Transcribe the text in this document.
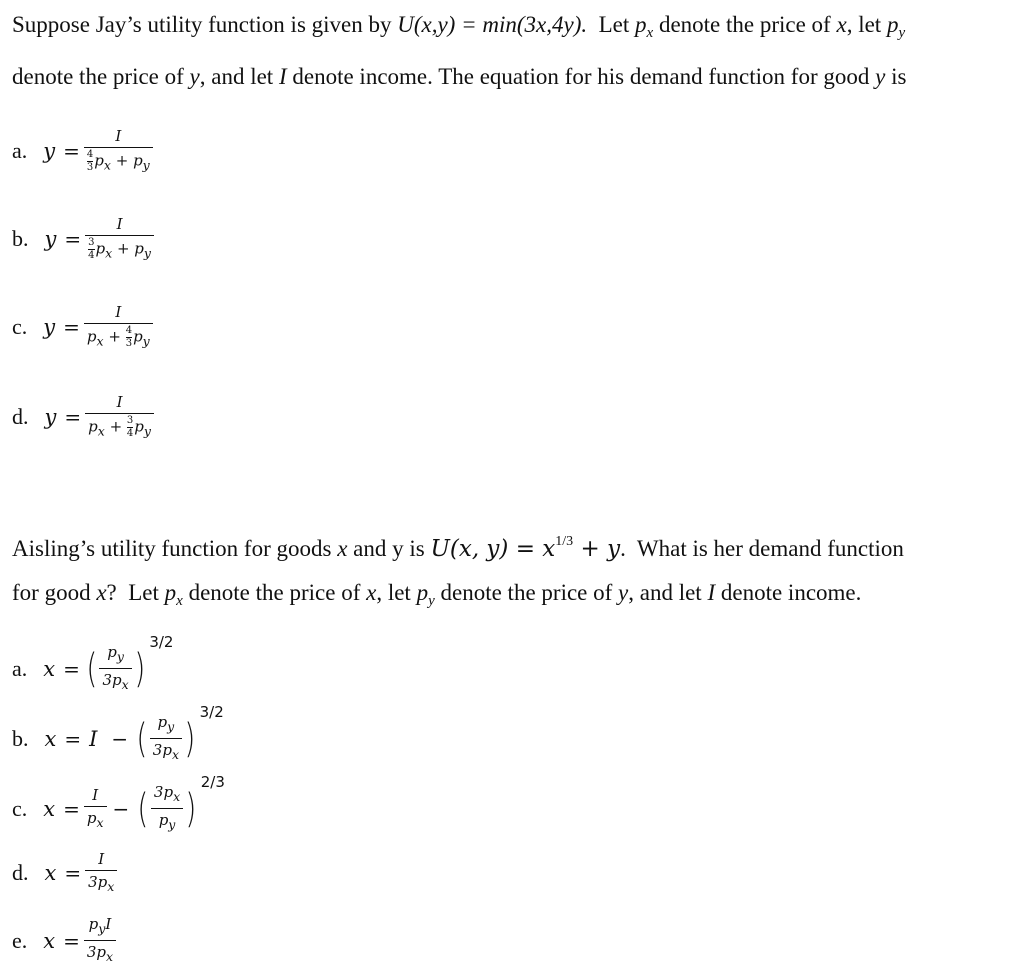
Suppose Jay’s utility function is given by U(x,y) = min(3x,4y).  Let $p_x$ denote the price of x, let $p_y$

denote the price of y, and let I denote income. The equation for his demand function for good y is

a. $y = \frac{I}{\frac{4}{3} p_x + p_y}$
b. $y = \frac{I}{\frac{3}{4} p_x + p_y}$
c. $y = \frac{I}{p_x + \frac{4}{3} p_y}$
d. $y = \frac{I}{p_x + \frac{3}{4} p_y}$

Aisling’s utility function for goods x and y is U(x, $y) = x^{1/3} + y$.  What is her demand function

for good x?  Let $p_x$ denote the price of x, let $p_y$ denote the price of y, and let I denote income.

a. x = ( $\frac{p_y}{3p_x}$ )
3/2
b. x = I − ( $\frac{p_y}{3p_x}$ )
3/2
c. $x = \frac{I}{p_x}$ − ( $\frac{3p_x}{p_y}$ )
2/3
d. $x = \frac{I}{3p_x}$
e. $x = \frac{p_yI}{3p_x}$
